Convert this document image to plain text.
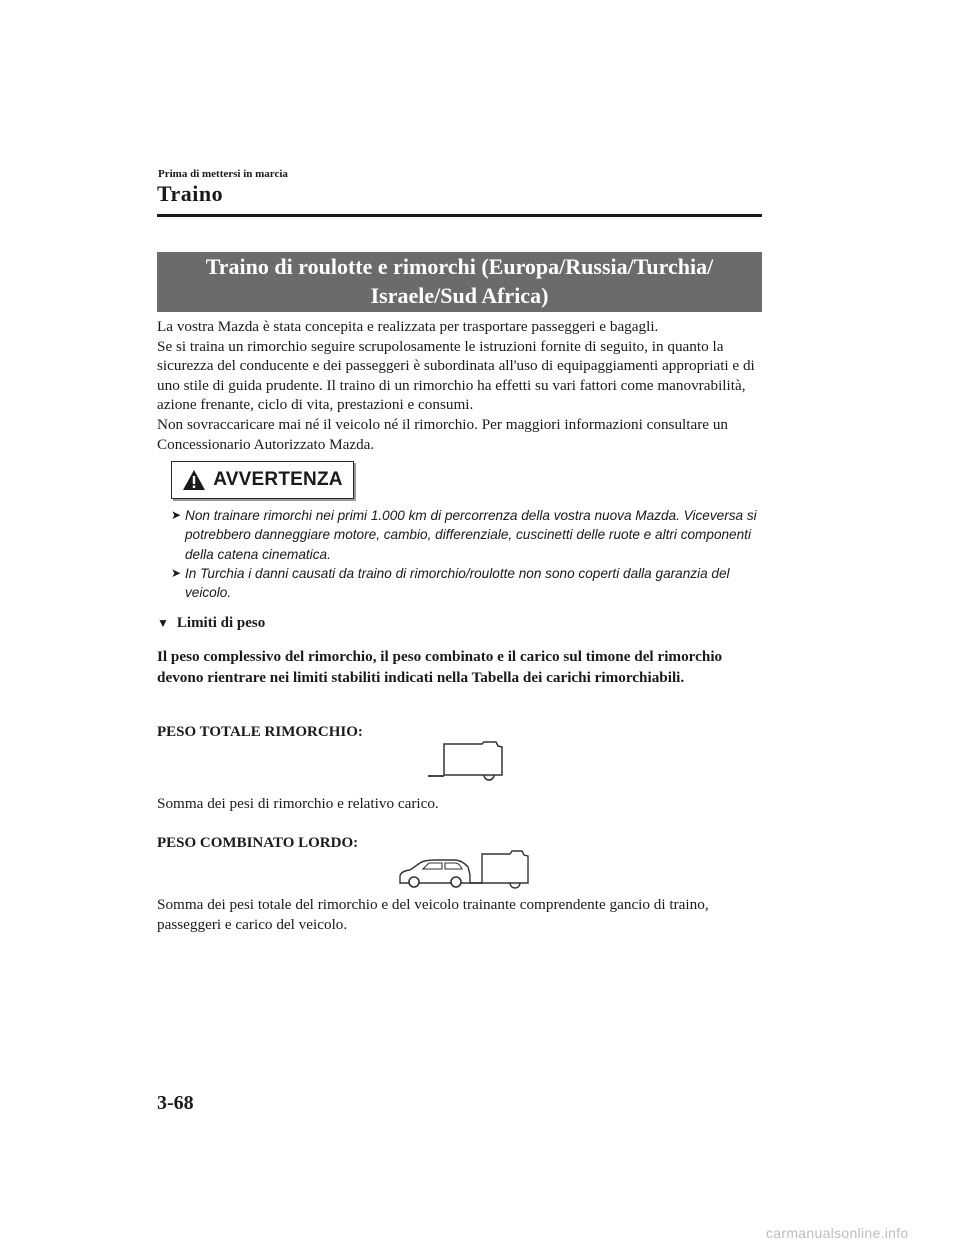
Prima di mettersi in marcia
Traino
Traino di roulotte e rimorchi (Europa/Russia/Turchia/
Israele/Sud Africa)

La vostra Mazda è stata concepita e realizzata per trasportare passeggeri e bagagli.

Se si traina un rimorchio seguire scrupolosamente le istruzioni fornite di seguito, in quanto la sicurezza del conducente e dei passeggeri è subordinata all'uso di equipaggiamenti appropriati e di uno stile di guida prudente. Il traino di un rimorchio ha effetti su vari fattori come manovrabilità, azione frenante, ciclo di vita, prestazioni e consumi.

Non sovraccaricare mai né il veicolo né il rimorchio. Per maggiori informazioni consultare un Concessionario Autorizzato Mazda.

AVVERTENZA

➤ Non trainare rimorchi nei primi 1.000 km di percorrenza della vostra nuova Mazda. Viceversa si potrebbero danneggiare motore, cambio, differenziale, cuscinetti delle ruote e altri componenti della catena cinematica.

➤ In Turchia i danni causati da traino di rimorchio/roulotte non sono coperti dalla garanzia del veicolo.

▼ Limiti di peso
Il peso complessivo del rimorchio, il peso combinato e il carico sul timone del rimorchio devono rientrare nei limiti stabiliti indicati nella Tabella dei carichi rimorchiabili.
PESO TOTALE RIMORCHIO:
Somma dei pesi di rimorchio e relativo carico.
PESO COMBINATO LORDO:
Somma dei pesi totale del rimorchio e del veicolo trainante comprendente gancio di traino, passeggeri e carico del veicolo.
3-68
carmanualsonline.info
